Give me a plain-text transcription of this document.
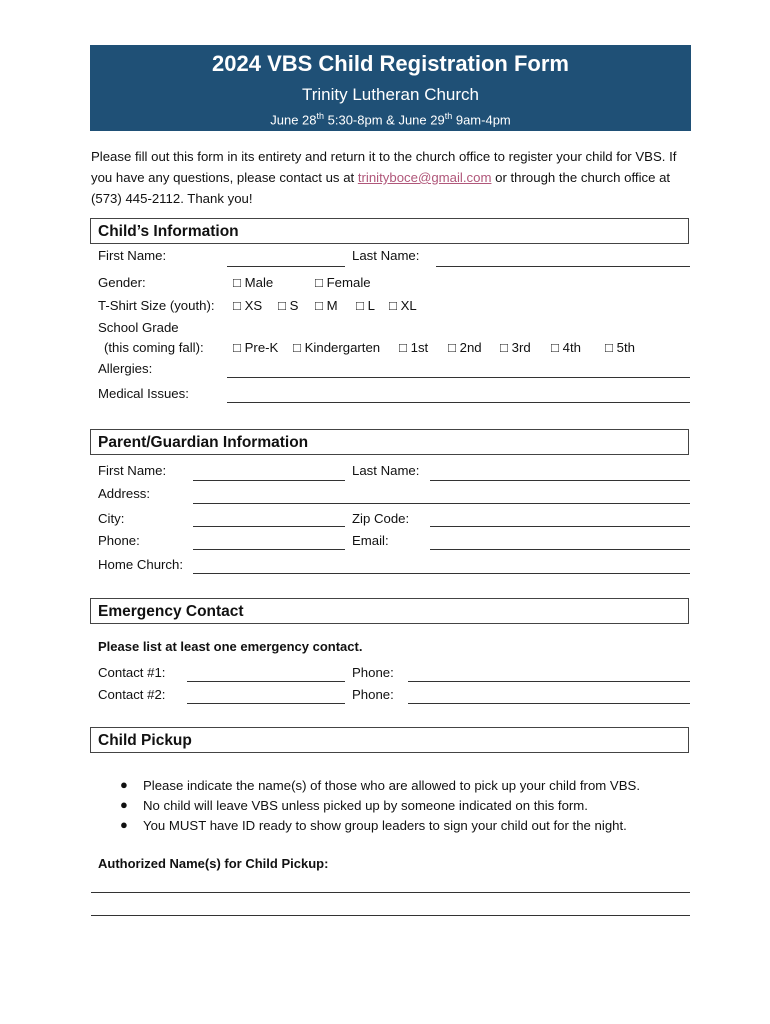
2024 VBS Child Registration Form
Trinity Lutheran Church
June 28th 5:30-8pm & June 29th 9am-4pm
Please fill out this form in its entirety and return it to the church office to register your child for VBS. If you have any questions, please contact us at trinityboce@gmail.com or through the church office at (573) 445-2112. Thank you!
Child’s Information
First Name:	Last Name:
Gender:	□ Male	□ Female
T-Shirt Size (youth): □ XS □ S □ M □ L □ XL
School Grade
(this coming fall): □ Pre-K □ Kindergarten □ 1st □ 2nd □ 3rd □ 4th □ 5th
Allergies:
Medical Issues:
Parent/Guardian Information
First Name:	Last Name:
Address:
City:	Zip Code:
Phone:	Email:
Home Church:
Emergency Contact
Please list at least one emergency contact.
Contact #1:	Phone:
Contact #2:	Phone:
Child Pickup
● Please indicate the name(s) of those who are allowed to pick up your child from VBS.
● No child will leave VBS unless picked up by someone indicated on this form.
● You MUST have ID ready to show group leaders to sign your child out for the night.
Authorized Name(s) for Child Pickup:
